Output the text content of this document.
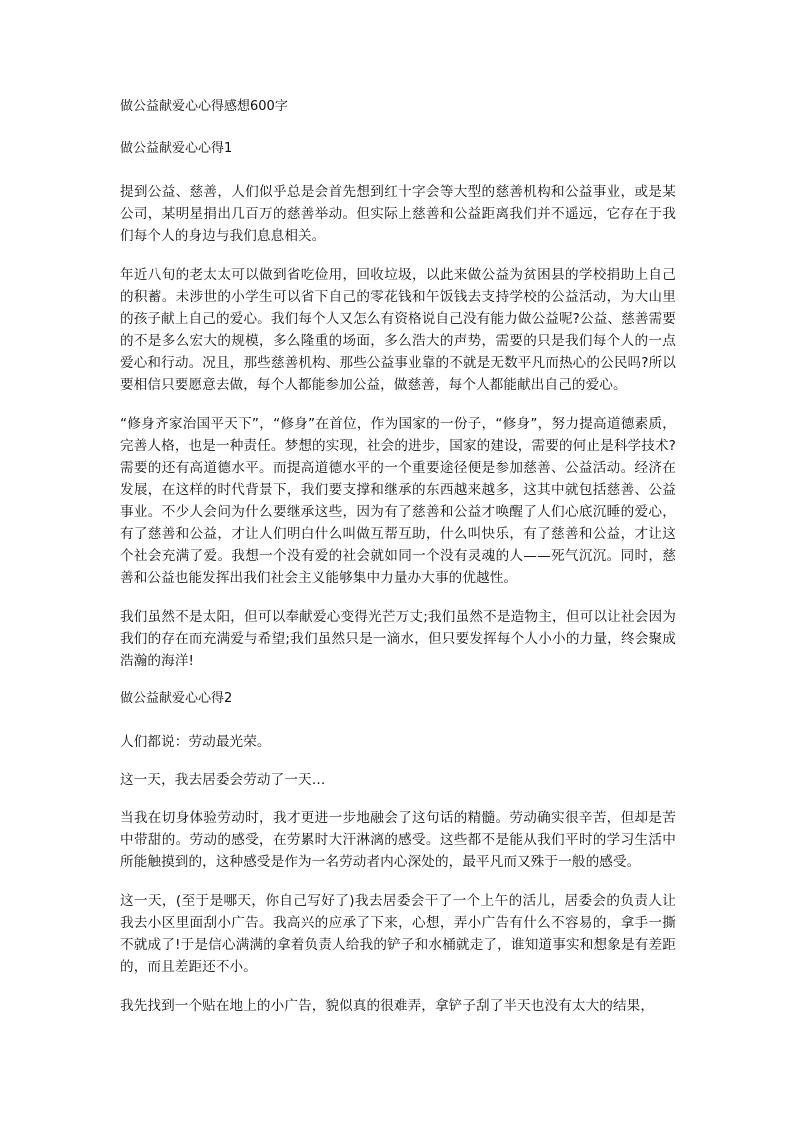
做公益献爱心心得感想600字
做公益献爱心心得1

提到公益、慈善，人们似乎总是会首先想到红十字会等大型的慈善机构和公益事业，或是某公司，某明星捐出几百万的慈善举动。但实际上慈善和公益距离我们并不遥远，它存在于我们每个人的身边与我们息息相关。

年近八旬的老太太可以做到省吃俭用，回收垃圾，以此来做公益为贫困县的学校捐助上自己的积蓄。未涉世的小学生可以省下自己的零花钱和午饭钱去支持学校的公益活动，为大山里的孩子献上自己的爱心。我们每个人又怎么有资格说自己没有能力做公益呢?公益、慈善需要的不是多么宏大的规模，多么隆重的场面，多么浩大的声势，需要的只是我们每个人的一点爱心和行动。况且，那些慈善机构、那些公益事业靠的不就是无数平凡而热心的公民吗?所以要相信只要愿意去做，每个人都能参加公益，做慈善，每个人都能献出自己的爱心。

“修身齐家治国平天下”，“修身”在首位，作为国家的一份子，“修身”，努力提高道德素质，完善人格，也是一种责任。梦想的实现，社会的进步，国家的建设，需要的何止是科学技术?需要的还有高道德水平。而提高道德水平的一个重要途径便是参加慈善、公益活动。经济在发展，在这样的时代背景下，我们要支撑和继承的东西越来越多，这其中就包括慈善、公益事业。不少人会问为什么要继承这些，因为有了慈善和公益才唤醒了人们心底沉睡的爱心，有了慈善和公益，才让人们明白什么叫做互帮互助，什么叫快乐，有了慈善和公益，才让这个社会充满了爱。我想一个没有爱的社会就如同一个没有灵魂的人——死气沉沉。同时，慈善和公益也能发挥出我们社会主义能够集中力量办大事的优越性。

我们虽然不是太阳，但可以奉献爱心变得光芒万丈;我们虽然不是造物主，但可以让社会因为我们的存在而充满爱与希望;我们虽然只是一滴水，但只要发挥每个人小小的力量，终会聚成浩瀚的海洋!

做公益献爱心心得2

人们都说：劳动最光荣。

这一天，我去居委会劳动了一天…

当我在切身体验劳动时，我才更进一步地融会了这句话的精髓。劳动确实很辛苦，但却是苦中带甜的。劳动的感受，在劳累时大汗淋漓的感受。这些都不是能从我们平时的学习生活中所能触摸到的，这种感受是作为一名劳动者内心深处的，最平凡而又殊于一般的感受。

这一天，(至于是哪天，你自己写好了)我去居委会干了一个上午的活儿，居委会的负责人让我去小区里面刮小广告。我高兴的应承了下来，心想，弄小广告有什么不容易的，拿手一撕不就成了!于是信心满满的拿着负责人给我的铲子和水桶就走了，谁知道事实和想象是有差距的，而且差距还不小。

我先找到一个贴在地上的小广告，貌似真的很难弄，拿铲子刮了半天也没有太大的结果，
